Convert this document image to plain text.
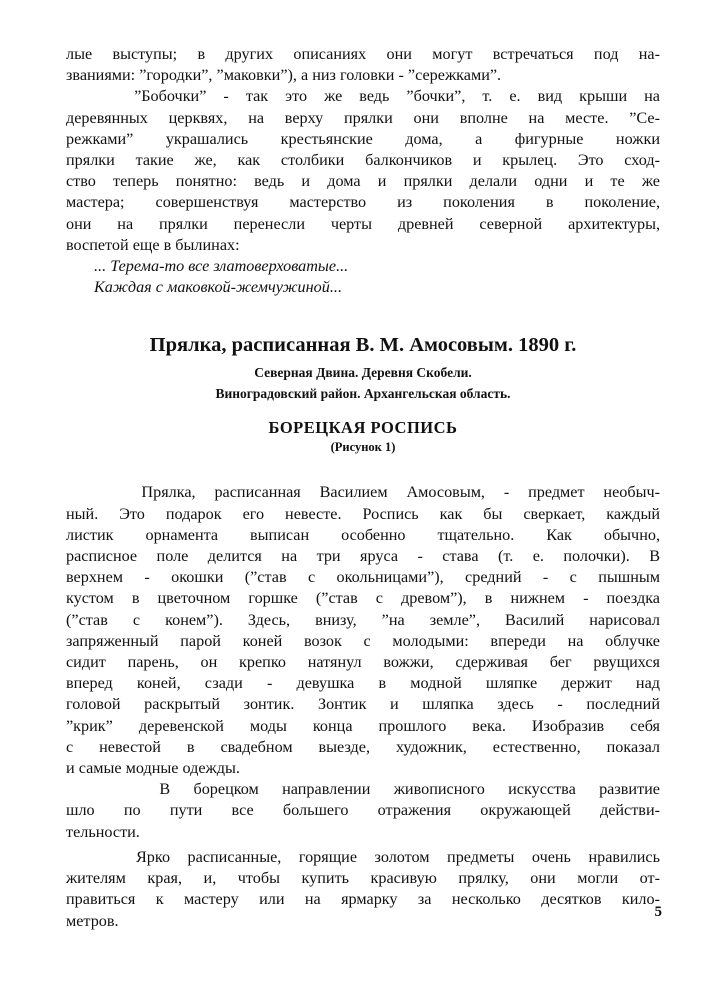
лые выступы; в других описаниях они могут встречаться под на-
званиями: ”городки”, ”маковки”), а низ головки - ”сережками”.

”Бобочки” - так это же ведь ”бочки”, т. е. вид крыши на
деревянных церквях, на верху прялки они вполне на месте. ”Се-
режками” украшались крестьянские дома, а фигурные ножки
прялки такие же, как столбики балкончиков и крылец. Это сход-
ство теперь понятно: ведь и дома и прялки делали одни и те же
мастера; совершенствуя мастерство из поколения в поколение,
они на прялки перенесли черты древней северной архитектуры,
воспетой еще в былинах:

... Терема-то все златоверховатые...
Каждая с маковкой-жемчужиной...
Прялка, расписанная В. М. Амосовым. 1890 г.

Северная Двина. Деревня Скобели.

Виноградовский район. Архангельская область.

БОРЕЦКАЯ РОСПИСЬ

(Рисунок 1)

Прялка, расписанная Василием Амосовым, - предмет необыч-
ный. Это подарок его невесте. Роспись как бы сверкает, каждый
листик орнамента выписан особенно тщательно. Как обычно,
расписное поле делится на три яруса - става (т. е. полочки). В
верхнем - окошки (”став с окольницами”), средний - с пышным
кустом в цветочном горшке (”став с древом”), в нижнем - поездка
(”став с конем”). Здесь, внизу, ”на земле”, Василий нарисовал
запряженный парой коней возок с молодыми: впереди на облучке
сидит парень, он крепко натянул вожжи, сдерживая бег рвущихся
вперед коней, сзади - девушка в модной шляпке держит над
головой раскрытый зонтик. Зонтик и шляпка здесь - последний
”крик” деревенской моды конца прошлого века. Изобразив себя
с невестой в свадебном выезде, художник, естественно, показал
и самые модные одежды.

В борецком направлении живописного искусства развитие
шло по пути все большего отражения окружающей действи-
тельности.

Ярко расписанные, горящие золотом предметы очень нравились
жителям края, и, чтобы купить красивую прялку, они могли от-
правиться к мастеру или на ярмарку за несколько десятков кило-
метров.	5
